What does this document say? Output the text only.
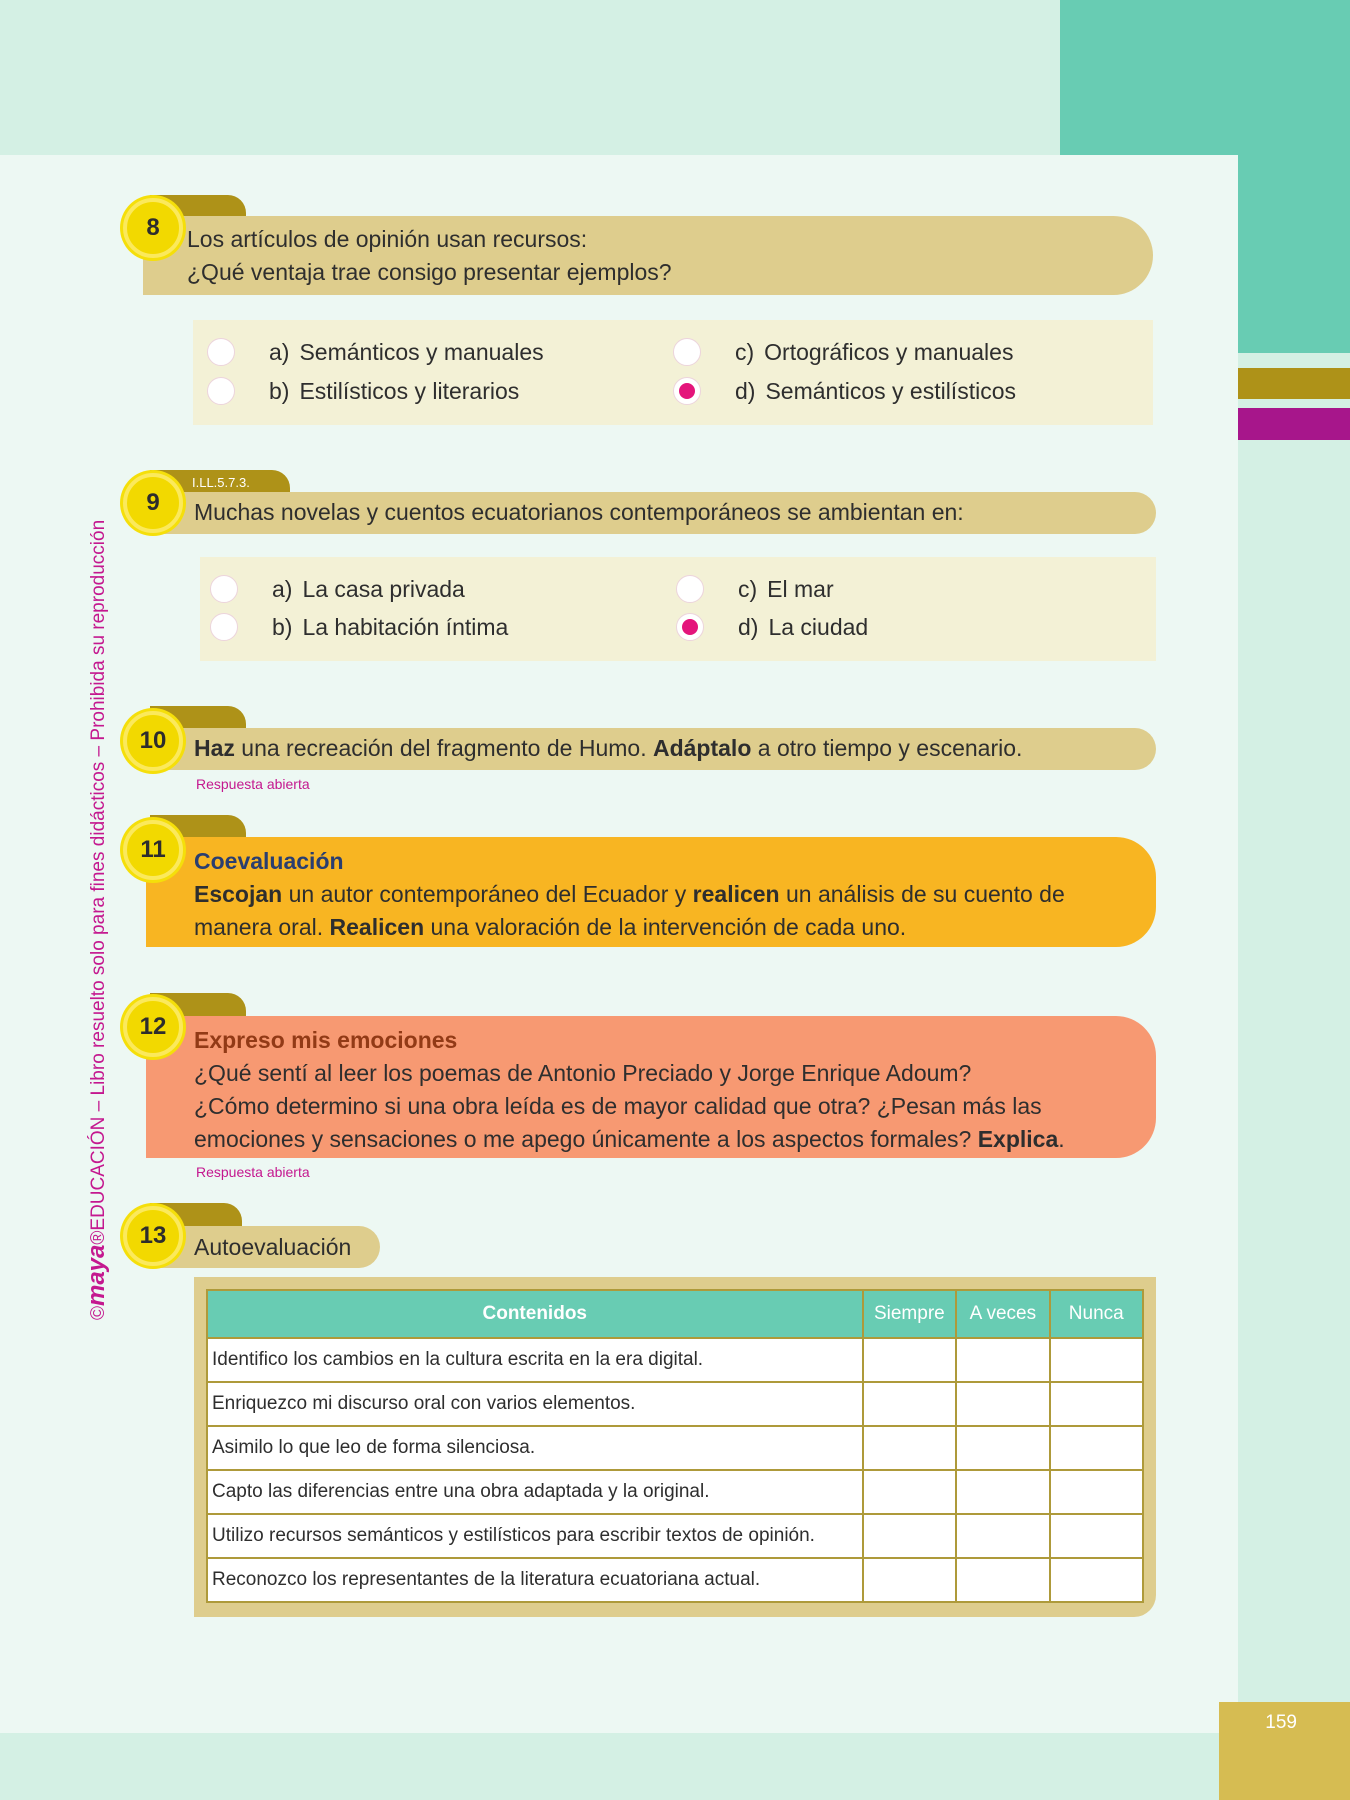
159
©maya®EDUCACIÓN – Libro resuelto solo para fines didácticos – Prohibida su reproducción
Los artículos de opinión usan recursos:
¿Qué ventaja trae consigo presentar ejemplos?
8
a) Semánticos y manuales
b) Estilísticos y literarios
c) Ortográficos y manuales
d) Semánticos y estilísticos
I.LL.5.7.3.
Muchas novelas y cuentos ecuatorianos contemporáneos se ambientan en:
9
a) La casa privada
b) La habitación íntima
c) El mar
d) La ciudad
Haz una recreación del fragmento de Humo. Adáptalo a otro tiempo y escenario.
10
Respuesta abierta
Coevaluación
Escojan un autor contemporáneo del Ecuador y realicen un análisis de su cuento de manera oral. Realicen una valoración de la intervención de cada uno.
11
Expreso mis emociones
¿Qué sentí al leer los poemas de Antonio Preciado y Jorge Enrique Adoum?
¿Cómo determino si una obra leída es de mayor calidad que otra? ¿Pesan más las emociones y sensaciones o me apego únicamente a los aspectos formales? Explica.
12
Respuesta abierta
Autoevaluación
13
Contenidos	Siempre	A veces	Nunca
Identifico los cambios en la cultura escrita en la era digital.			
Enriquezco mi discurso oral con varios elementos.			
Asimilo lo que leo de forma silenciosa.			
Capto las diferencias entre una obra adaptada y la original.			
Utilizo recursos semánticos y estilísticos para escribir textos de opinión.			
Reconozco los representantes de la literatura ecuatoriana actual.			
